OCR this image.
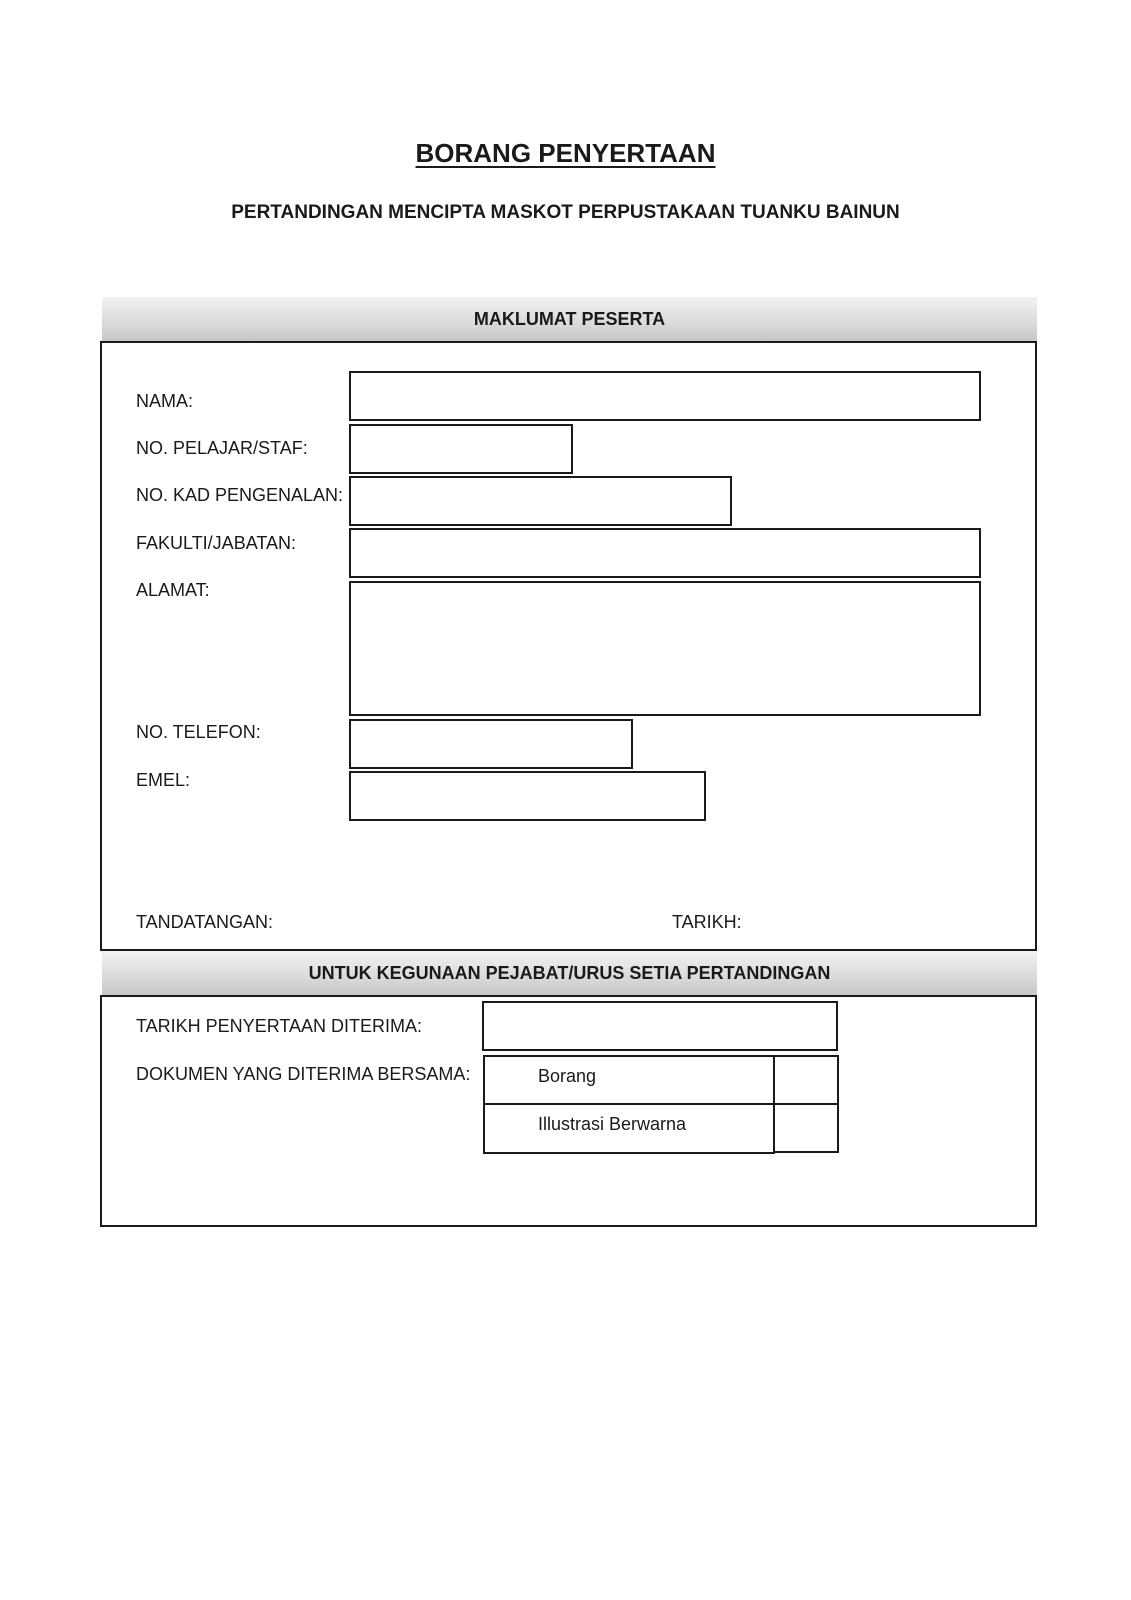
BORANG PENYERTAAN
PERTANDINGAN MENCIPTA MASKOT PERPUSTAKAAN TUANKU BAINUN
MAKLUMAT PESERTA
NAMA:
NO. PELAJAR/STAF:
NO. KAD PENGENALAN:
FAKULTI/JABATAN:
ALAMAT:
NO. TELEFON:
EMEL:
TANDATANGAN:	TARIKH:
UNTUK KEGUNAAN PEJABAT/URUS SETIA PERTANDINGAN
TARIKH PENYERTAAN DITERIMA:
DOKUMEN YANG DITERIMA BERSAMA:	Borang
Illustrasi Berwarna
